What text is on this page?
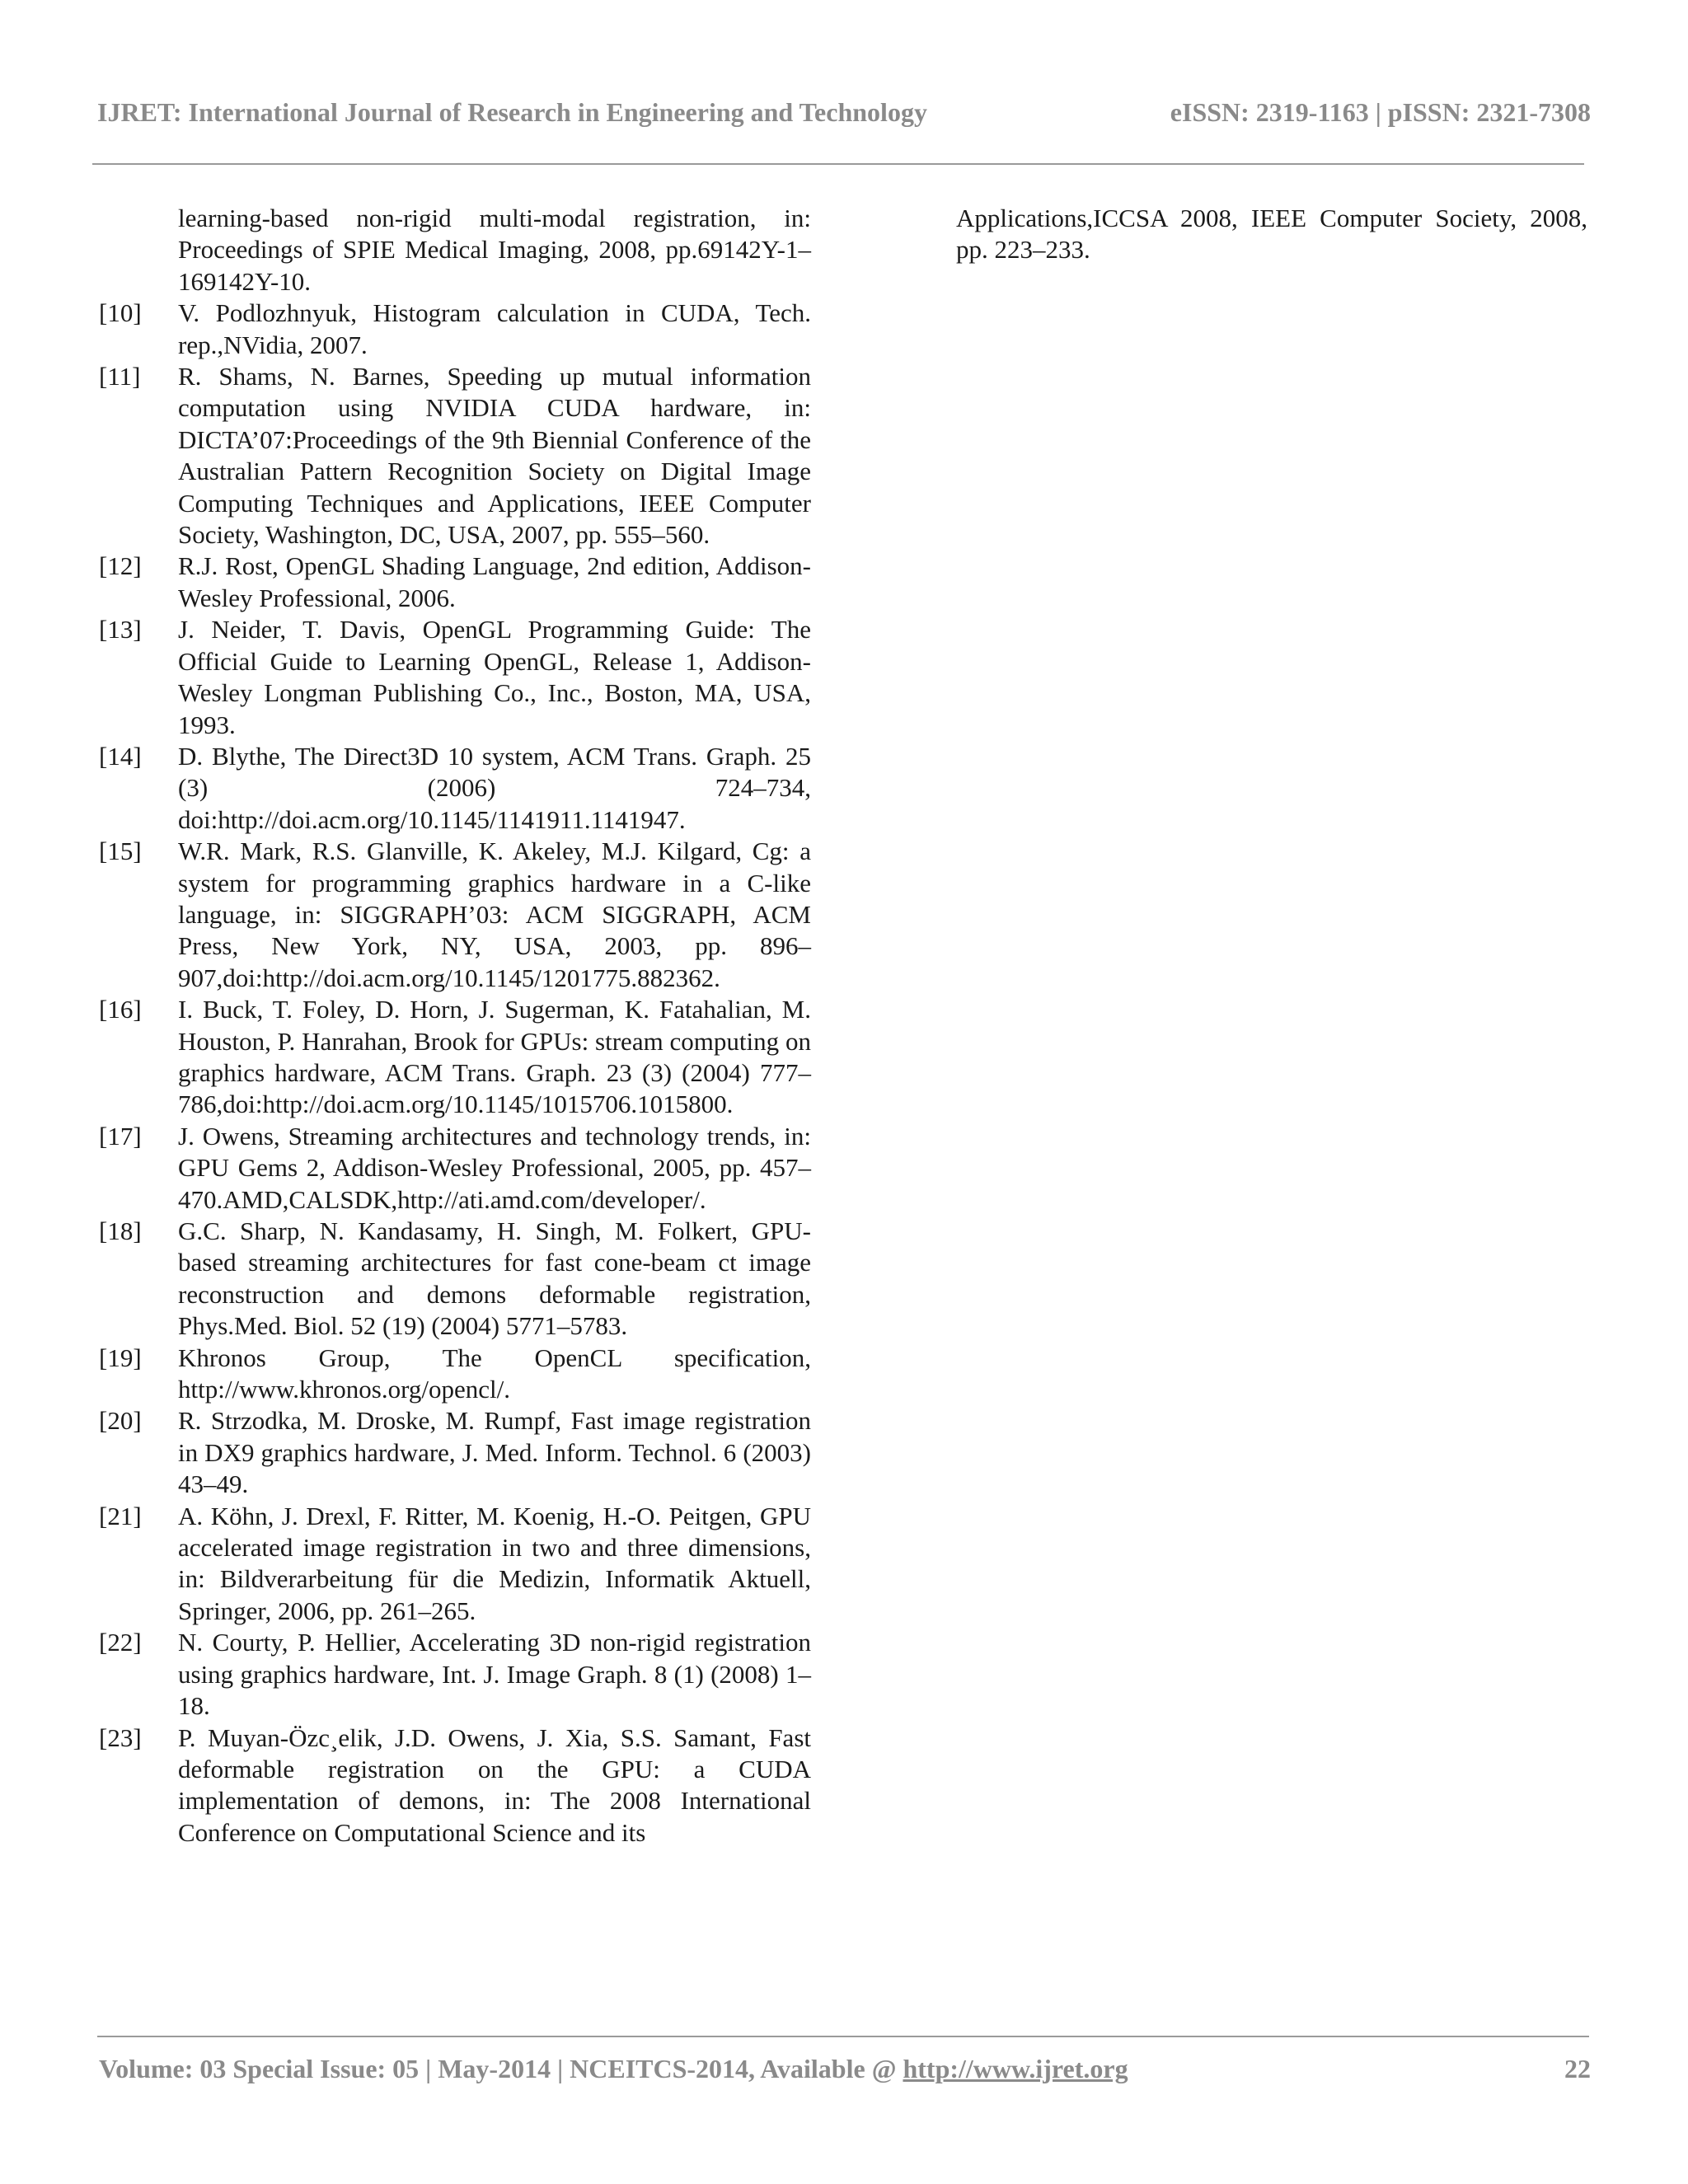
IJRET: International Journal of Research in Engineering and Technology	eISSN: 2319-1163 | pISSN: 2321-7308
learning-based non-rigid multi-modal registration, in: Proceedings of SPIE Medical Imaging, 2008, pp.69142Y-1–169142Y-10.
[10]	V. Podlozhnyuk, Histogram calculation in CUDA, Tech. rep.,NVidia, 2007.
[11]	R. Shams, N. Barnes, Speeding up mutual information computation using NVIDIA CUDA hardware, in: DICTA’07:Proceedings of the 9th Biennial Conference of the Australian Pattern Recognition Society on Digital Image Computing Techniques and Applications, IEEE Computer Society, Washington, DC, USA, 2007, pp. 555–560.
[12]	R.J. Rost, OpenGL Shading Language, 2nd edition, Addison-Wesley Professional, 2006.
[13]	J. Neider, T. Davis, OpenGL Programming Guide: The Official Guide to Learning OpenGL, Release 1, Addison-Wesley Longman Publishing Co., Inc., Boston, MA, USA, 1993.
[14]	D. Blythe, The Direct3D 10 system, ACM Trans. Graph. 25 (3) (2006) 724–734, doi:http://doi.acm.org/10.1145/1141911.1141947.
[15]	W.R. Mark, R.S. Glanville, K. Akeley, M.J. Kilgard, Cg: a system for programming graphics hardware in a C-like language, in: SIGGRAPH’03: ACM SIGGRAPH, ACM Press, New York, NY, USA, 2003, pp. 896–907,doi:http://doi.acm.org/10.1145/1201775.882362.
[16]	I. Buck, T. Foley, D. Horn, J. Sugerman, K. Fatahalian, M. Houston, P. Hanrahan, Brook for GPUs: stream computing on graphics hardware, ACM Trans. Graph. 23 (3) (2004) 777–786,doi:http://doi.acm.org/10.1145/1015706.1015800.
[17]	J. Owens, Streaming architectures and technology trends, in: GPU Gems 2, Addison-Wesley Professional, 2005, pp. 457–470.AMD,CALSDK,http://ati.amd.com/developer/.
[18]	G.C. Sharp, N. Kandasamy, H. Singh, M. Folkert, GPU-based streaming architectures for fast cone-beam ct image reconstruction and demons deformable registration, Phys.Med. Biol. 52 (19) (2004) 5771–5783.
[19]	Khronos Group, The OpenCL specification, http://www.khronos.org/opencl/.
[20]	R. Strzodka, M. Droske, M. Rumpf, Fast image registration in DX9 graphics hardware, J. Med. Inform. Technol. 6 (2003) 43–49.
[21]	A. Köhn, J. Drexl, F. Ritter, M. Koenig, H.-O. Peitgen, GPU accelerated image registration in two and three dimensions, in: Bildverarbeitung für die Medizin, Informatik Aktuell, Springer, 2006, pp. 261–265.
[22]	N. Courty, P. Hellier, Accelerating 3D non-rigid registration using graphics hardware, Int. J. Image Graph. 8 (1) (2008) 1–18.
[23]	P. Muyan-Özc¸elik, J.D. Owens, J. Xia, S.S. Samant, Fast deformable registration on the GPU: a CUDA implementation of demons, in: The 2008 International Conference on Computational Science and its
Applications,ICCSA 2008, IEEE Computer Society, 2008, pp. 223–233.
Volume: 03 Special Issue: 05 | May-2014 | NCEITCS-2014, Available @ http://www.ijret.org	22
